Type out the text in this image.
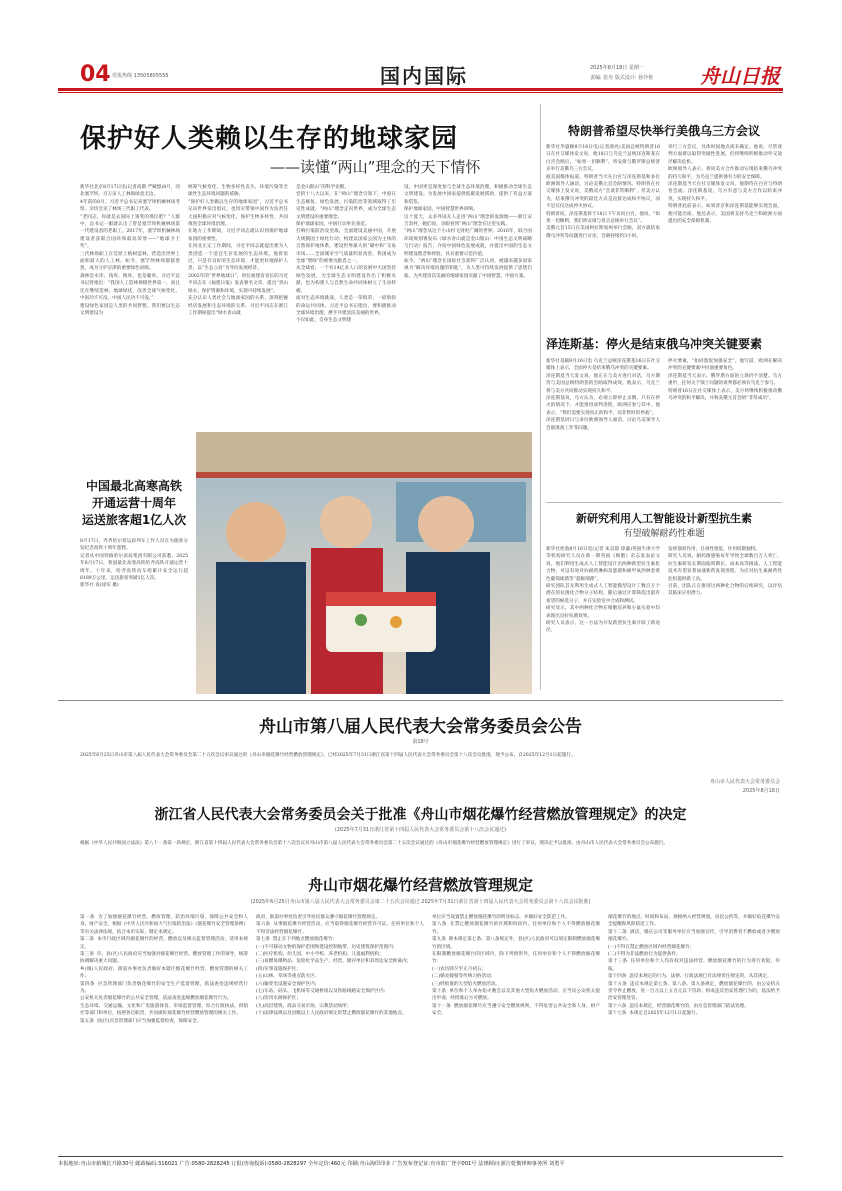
04 党报热线 13505805555	国内国际	2025年8月18日 星期一
责编: 张舟 版式设计: 孙玲艳	舟山日报
保护好人类赖以生存的地球家园
——读懂“两山”理念的天下情怀
新华社北京8月17日电(记者高敬 严赋憬)8月，河北塞罕坝，百万亩人工林海绿意无边。
4年前的8月，习近平总书记来塞罕坝机械林场考察，亲切会见了林场三代职工代表。
“老同志，你就是去国际上领奖的那位吧？”人群中，总书记一眼就认出了曾是塞罕坝机械林场第一代建设者的老职工。2017年，塞罕坝机械林场建设者获联合国环保最高荣誉——“地球卫士奖”。
三代林场职工在荒原上植树造林，营造出世界上面积最大的人工林。如今，塞罕坝林场郁郁葱葱，成为守护京津的重要绿色屏障。
森林是水库、钱库、粮库，也是碳库。习近平总书记曾指出：“我国人工造林规模世界第一，而且还在继续造林，地球绿化，改善全球气候变化，中国功不可没，中国人民功不可没。”
建设绿色家园是人类的共同梦想。我们要以生态文明建设为
统筹气候变化、生物多样性丧失、环境污染等全球性生态环境问题的威胁。
“保护好人类赖以生存的地球家园”，习近平总书记向世界发出倡议，也切实带领中国作为负责任大国积极应对气候变化、保护生物多样性、共同推进全球环境治理。
在地方工作期间，习近平同志就认识到保护地球家园的重要性。
在河北正定工作期间，习近平同志就提出要为人类创造一个适宜生存发展的生态环境。他曾说过，只是有良好的生态环境，才能更好地保护人类，以“生态立县”为导向发展经济。
2002年的“世界地球日”，时任福建省省长的习近平同志在《福建日报》发表署名文章，提出“青山绿水，保护资源和环境，实现可持续发展”。
充分认识人类社会与地球家园的关系，深刻把握经济发展和生态环境的关系，习近平同志在浙江工作期间提出“绿水青山就
是金山银山”的科学论断。
党的十八大以来，在“两山”理念引领下，中国在生态修复、绿色发展、污染防治等领域取得了历史性成就，“两山”理念走向世界，成为全球生态文明建设的重要理念。
保护地球家园，中国行动率先垂范。
打响污染防治攻坚战，全面建设美丽中国，开展大规模国土绿化行动；构建以国家公园为主体的自然保护地体系，建设世界最大的“碳中和”交易市场……全国城市空气质量明显改善，我国成为全球“增绿”的重要贡献者之一。
从全球看，一个有14亿多人口的发展中大国坚持绿色发展，为全球生态文明建设作出了积极贡献，也为构建人与自然生命共同体树立了生动样板。
面对生态环境挑战，人类是一荣俱荣、一损俱损的命运共同体。习近平总书记指出，要积极推动全球环境治理，携手共建清洁美丽的世界。
不仅如此，自身生态文明建
设，中国更是深度参与全球生态环境治理，积极推动全球生态文明建设。为发展中国家提供低碳发展援助，提供了有益方案和借鉴。
保护地球家园，中国智慧世界回响。
这个夏天，众多外国友人走进“两山”理念的发源地——浙江安吉余村，她们说，亲眼看到“两山”理念在这里实践。
“两山”理念从这个小山村飞到更广阔的世界。2016年，联合国环境规划署发布《绿水青山就是金山银山：中国生态文明战略与行动》报告，介绍中国绿色发展成就，并提出中国的生态文明建设理念和经验，具有重要示范价值。
如今，“两山”理念在国际社会获得广泛认同，被越来越多国家视为“解决环境问题的钥匙”，为人类可持续发展提供了思想启迪，为共建清洁美丽的地球家园贡献了中国智慧、中国方案。
中国最北高寒高铁
开通运营十周年
运送旅客超1亿人次
8月17日，齐齐哈尔客运段列车工作人员在为旅客分发纪念高铁十周年蛋糕。
记者从中国铁路哈尔滨局集团有限公司获悉，2025年8月17日，我国最北高寒高铁哈齐高铁开通运营十周年。十年来，哈齐高铁动车组累计安全运行超8189万公里，运送旅客突破1亿人次。
新华社 发(徐军 摄)
特朗普希望尽快举行美俄乌三方会议
新华社华盛顿8月16日电(记者颜亮)美国总统特朗普16日在社交媒体发文说，他18日与乌克兰总统泽连斯基在白宫会晤后，“如果一切顺利”，将安排与俄罗斯总统普京举行美俄乌三方会议。
据美国媒体报道，特朗普当天在白宫与泽连斯基和多位欧洲领导人通话，讨论美俄元首会晤情况。特朗普在社交媒体上发文说，美俄双方“会谈非常顺利”，但美方认为，结束俄乌冲突的最佳方式是直接达成和平协议，而不是仅仅达成停火协议。
特朗普说，泽连斯基将于18日下午访问白宫。他说，“如果一切顺利，我们将安排与普京总统举行会议”。
美俄元首15日在美国阿拉斯加州举行会晤，双方就结束俄乌冲突等问题进行讨论，会晤持续约3小时。
举行三方会议，具体时间地点尚未确定。他说，尽管谈判方面难以取得突破性进展，但将继续积极推动外交途径解决危机。
欧洲领导人表示，将同美方合作推动实现结束俄乌冲突的持久和平，为乌克兰提供强有力的安全保障。
泽连斯基当天在社交媒体发文说，他期待在白宫与特朗普会面。泽连斯基说，乌方有意与美方合作以结束冲突，实现持久和平。
特朗普此前表示，如果普京和泽连斯基能够实现会面，他可能出席。他还表示，美国将支持乌克兰和欧洲方面提出的安全保障机制。
泽连斯基：停火是结束俄乌冲突关键要素
新华社基辅8月16日电 乌克兰总统泽连斯基16日在社交媒体上表示，全面停火是结束俄乌冲突的关键要素。
泽连斯基当天发文说，他正在与美方进行对话，乌方期待与美国总统特朗普的会晤取得成效。他表示，乌克兰将与美方共同推动实现持久和平。
泽连斯基说，乌方认为，必须立即停止杀戮，只有在停火的情况下，才能推进谈判进程，欧洲应参与其中。他表示，“我们需要实现真正的和平，而非暂时的停战”。
泽连斯基同日与多位欧洲领导人通话，讨论乌美领导人会晤准备工作等问题。
停火要素，“如同敦促加强安全”。他写道，欧洲在解决冲突的关键要素中扮演重要角色。
泽连斯基当天表示，俄罗斯方面的立场仍不清楚。乌方重申，任何关于领土问题的谈判都必须有乌克兰参与。
特朗普16日在社交媒体上表示，美方将继续积极推动俄乌冲突的和平解决，并称美俄元首会晤“非常成功”。
新研究利用人工智能设计新型抗生素
有望破解耐药性难题
新华社伦敦8月16日电(记者 朱昊晨 徐谦)英国牛津大学等机构研究人员在新一期英国《细胞》杂志发表论文说，他们利用生成式人工智能设计出两种新型抗生素化合物，可以有效对抗耐药淋病奈瑟菌和耐甲氧西林金黄色葡萄球菌等“超级细菌”。
研究团队首先利用生成式人工智能模型设计了数百万个潜在的抗菌化合物分子结构，随后通过计算筛选出最有希望的候选分子，并在实验室中合成和测试。
研究显示，其中两种化合物在细胞培养和小鼠实验中均表现出良好抗菌效果。
研究人员表示，这一方法为开发新型抗生素开辟了新途径。
发挥强效作用，且毒性很低，作用机制独特。
研究人员说，耐药菌感染每年导致全球数百万人死亡，抗生素研发长期面临周期长、成本高等挑战。人工智能技术有望显著加速新药发现进程，为应对抗生素耐药性危机提供新工具。
目前，团队正在推进这两种化合物的后续研究，以评估其临床应用潜力。
舟山市第八届人民代表大会常务委员会公告
第18号
2025年6月25日舟山市第八届人民代表大会常务委员会第二十五次会议审议通过的《舟山市烟花爆竹经营燃放管理规定》，已经2025年7月31日浙江省第十四届人民代表大会常务委员会第十八次会议批准，现予公布，自2025年12月1日起施行。
舟山市人民代表大会常务委员会
2025年8月18日
浙江省人民代表大会常务委员会关于批准《舟山市烟花爆竹经营燃放管理规定》的决定
(2025年7月31日浙江省第十四届人民代表大会常务委员会第十八次会议通过)
根据《中华人民共和国立法法》第八十一条第一款规定，浙江省第十四届人民代表大会常务委员会第十八次会议对舟山市第八届人民代表大会常务委员会第二十五次会议通过的《舟山市烟花爆竹经营燃放管理规定》进行了审议，现决定予以批准，由舟山市人民代表大会常务委员会公布施行。
舟山市烟花爆竹经营燃放管理规定
(2025年6月25日舟山市第八届人民代表大会常务委员会第二十五次会议通过 2025年7月31日浙江省第十四届人民代表大会常务委员会第十八次会议批准)
第一条  为了加强烟花爆竹经营、燃放管理，防治环境污染，保障公共安全和人身、财产安全，根据《中华人民共和国大气污染防治法》《烟花爆竹安全管理条例》等有关法律法规，结合本市实际，制定本规定。
第二条  本市行政区域内烟花爆竹的经营、燃放以及相关监督管理活动，适用本规定。
第三条  市、县(区)人民政府应当加强对烟花爆竹经营、燃放管理工作的领导，统筹协调解决重大问题。
乡(镇)人民政府、街道办事处负责做好本辖区烟花爆竹经营、燃放管理的相关工作。
第四条  应急管理部门负责烟花爆竹的安全生产监督管理，依法查处违规经营行为。
公安机关负责烟花爆竹的公共安全管理，依法查处违规燃放烟花爆竹行为。
生态环境、交通运输、文化和广电旅游体育、市场监督管理、综合行政执法、供销社等部门和单位，按照各自职责，共同做好烟花爆竹经营燃放管理的相关工作。
第五条  县(区)应急管理部门应当加强监督检查，保障安全。
政府、街道办事处负责引导居民群众遵守烟花爆竹管理规定。
第六条  从事烟花爆竹经营活动，应当取得烟花爆竹经营许可证。任何单位和个人不得非法经营烟花爆竹。
第七条  禁止在下列地点燃放烟花爆竹：
(一)不可移动文物的保护范围和建设控制地带，历史建筑保护范围内；
(二)医疗机构、幼儿园、中小学校、养老机构、儿童福利机构；
(三)易燃易爆物品、危险化学品生产、经营、储存单位和其周边安全距离内；
(四)军事设施保护区；
(五)山林、草场等重点防火区；
(六)输变电设施安全保护区内；
(七)车站、码头、飞机场等交通枢纽以及铁路线路安全保护区内；
(八)饮用水源保护区；
(九)高层建筑、商品交易市场、宗教活动场所；
(十)法律法规以及县级以上人民政府规定的禁止燃放烟花爆竹的其他地点。
单位应当设置禁止燃放烟花爆竹的明显标志，并做好安全防范工作。
第八条  在禁止燃放烟花爆竹的区域和时段内，任何单位和个人不得燃放烟花爆竹。
第九条  除本规定第七条、第八条规定外，县(区)人民政府可以划定限制燃放烟花爆竹的区域。
在限制燃放烟花爆竹的区域内，除下列情形外，任何单位和个人不得燃放烟花爆竹：
(一)农历除夕至正月初五；
(二)婚丧嫁娶等传统习俗活动；
(三)经批准的大型焰火燃放活动。
第十条  单位和个人举办焰火晚会以及其他大型焰火燃放活动，应当向公安机关提出申请，经批准后方可燃放。
第十一条  燃放烟花爆竹应当遵守安全燃放规则，不得危害公共安全和人身、财产安全。
烟花爆竹的地点、时间和布局，规格纳入经营规划，居民公约等，并做好焰花爆竹安全提醒和风险防范工作。
第十二条  酒店、婚庆公司等服务单位应当加强宣传，引导消费者不燃放或者少燃放烟花爆竹。
(一)不得在禁止燃放区域内经营烟花爆竹；
(二)不得为非法燃放行为提供条件。
第十三条  任何单位和个人均有权对违法经营、燃放烟花爆竹的行为进行劝阻、举报。
第十四条  违反本规定的行为，法律、行政法规已有法律责任规定的，从其规定。
第十五条  违反本规定第七条、第八条、第九条规定，燃放烟花爆竹的，由公安机关责令停止燃放，处一百元以上五百元以下罚款；构成违反治安管理行为的，依法给予治安管理处罚。
第十六条  违反本规定，经营烟花爆竹的，由应急管理部门依法处理。
第十七条  本规定自2025年12月1日起施行。
本报地址:舟山市新城长升路30号 邮政编码:316021 广告:0580-2828245 订报(咨询投诉):0580-2828297 全年定价:460元 印刷:舟山海印印业 广告发布登记证:舟市监广登字001号 法律顾问:浙江乾衡律师事务所 刘勇平
